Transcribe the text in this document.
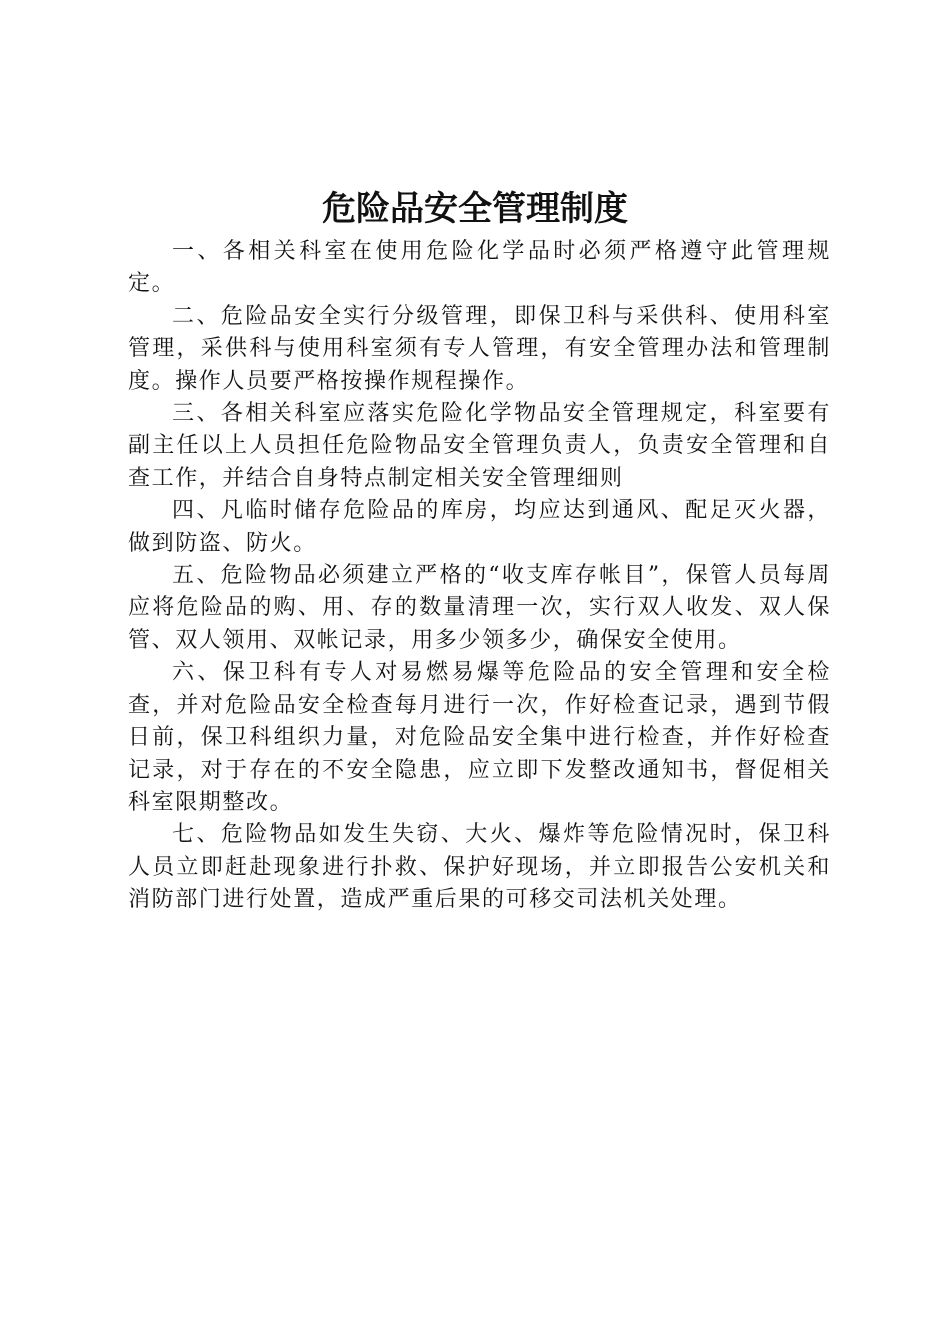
危险品安全管理制度

一、各相关科室在使用危险化学品时必须严格遵守此管理规定。

二、危险品安全实行分级管理，即保卫科与采供科、使用科室管理，采供科与使用科室须有专人管理，有安全管理办法和管理制度。操作人员要严格按操作规程操作。

三、各相关科室应落实危险化学物品安全管理规定，科室要有副主任以上人员担任危险物品安全管理负责人，负责安全管理和自查工作，并结合自身特点制定相关安全管理细则

四、凡临时储存危险品的库房，均应达到通风、配足灭火器，做到防盗、防火。

五、危险物品必须建立严格的“收支库存帐目”，保管人员每周应将危险品的购、用、存的数量清理一次，实行双人收发、双人保管、双人领用、双帐记录，用多少领多少，确保安全使用。

六、保卫科有专人对易燃易爆等危险品的安全管理和安全检查，并对危险品安全检查每月进行一次，作好检查记录，遇到节假日前，保卫科组织力量，对危险品安全集中进行检查，并作好检查记录，对于存在的不安全隐患，应立即下发整改通知书，督促相关科室限期整改。

七、危险物品如发生失窃、大火、爆炸等危险情况时，保卫科人员立即赶赴现象进行扑救、保护好现场，并立即报告公安机关和消防部门进行处置，造成严重后果的可移交司法机关处理。
